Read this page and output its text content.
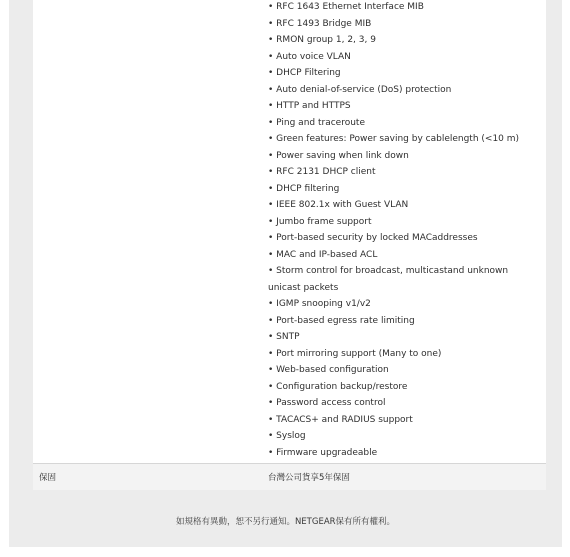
• RFC 1643 Ethernet Interface MIB
• RFC 1493 Bridge MIB
• RMON group 1, 2, 3, 9
• Auto voice VLAN
• DHCP Filtering
• Auto denial-of-service (DoS) protection
• HTTP and HTTPS
• Ping and traceroute
• Green features: Power saving by cablelength (<10 m)
• Power saving when link down
• RFC 2131 DHCP client
• DHCP filtering
• IEEE 802.1x with Guest VLAN
• Jumbo frame support
• Port-based security by locked MACaddresses
• MAC and IP-based ACL
• Storm control for broadcast, multicastand unknown unicast packets
• IGMP snooping v1/v2
• Port-based egress rate limiting
• SNTP
• Port mirroring support (Many to one)
• Web-based configuration
• Configuration backup/restore
• Password access control
• TACACS+ and RADIUS support
• Syslog
• Firmware upgradeable
保固	台灣公司貨享5年保固
如規格有異動，恕不另行通知。NETGEAR保有所有權利。
